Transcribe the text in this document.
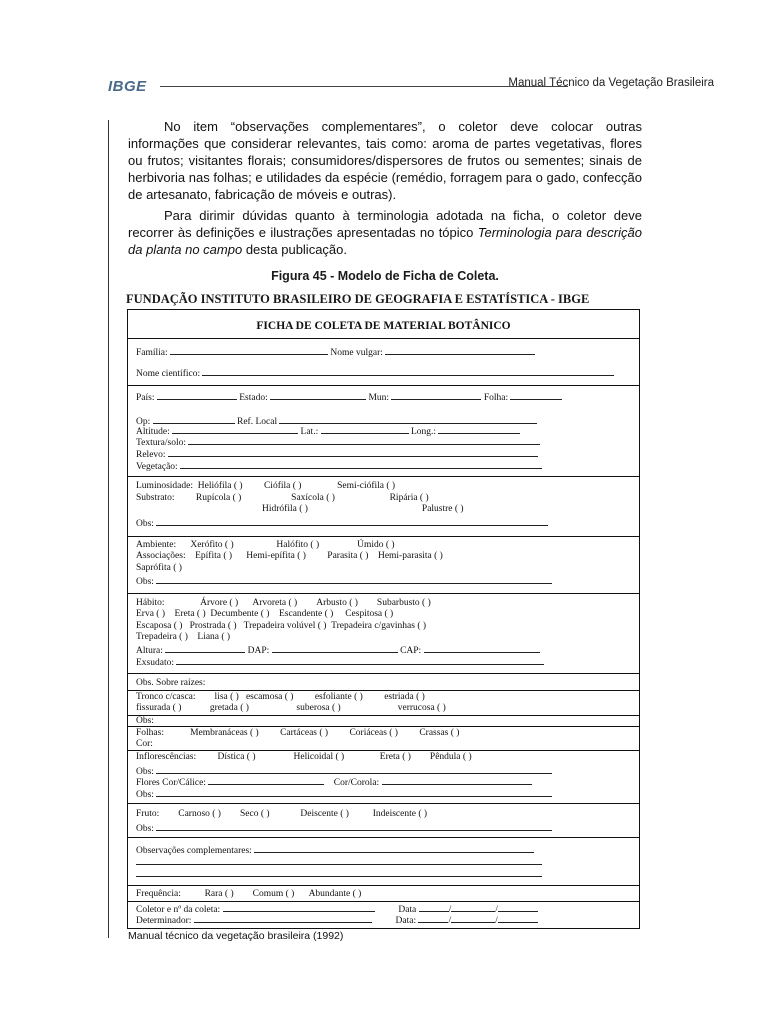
IBGE	Manual Técnico da Vegetação Brasileira
No item “observações complementares”, o coletor deve colocar outras informações que considerar relevantes, tais como: aroma de partes vegetativas, flores ou frutos; visitantes florais; consumidores/dispersores de frutos ou sementes; sinais de herbivoria nas folhas; e utilidades da espécie (remédio, forragem para o gado, confecção de artesanato, fabricação de móveis e outras).
Para dirimir dúvidas quanto à terminologia adotada na ficha, o coletor deve recorrer às definições e ilustrações apresentadas no tópico Terminologia para descrição da planta no campo desta publicação.
Figura 45 - Modelo de Ficha de Coleta.
FUNDAÇÃO INSTITUTO BRASILEIRO DE GEOGRAFIA E ESTATÍSTICA - IBGE
FICHA DE COLETA DE MATERIAL BOTÂNICO
Família:	Nome vulgar:
Nome científico:
País:	Estado:	Mun:	Folha:
Op:	Ref. Local
Altitude:	Lat.:	Long.:
Textura/solo:
Relevo:
Vegetação:
Luminosidade: Heliófila ( ) Ciófila ( )	Semi-ciófila ( )
Substrato: Rupícola ( )	Saxícola ( )	Ripária ( )
Hidrófila ( )	Palustre ( )
Obs:
Ambiente: Xerófito ( )	Halófito ( )	Úmido ( )
Associações: Epífita ( ) Hemi-epífita ( ) Parasita ( ) Hemi-parasita ( )
Saprófita ( )
Obs:
Hábito:	Árvore ( ) Arvoreta ( ) Arbusto ( ) Subarbusto ( )
Erva ( ) Ereta ( ) Decumbente ( ) Escandente ( ) Cespitosa ( )
Escaposa ( ) Prostrada ( ) Trepadeira volúvel ( ) Trepadeira c/gavinhas ( )
Trepadeira ( ) Liana ( )
Altura:	DAP:	CAP:
Exsudato:
Obs. Sobre raízes:
Tronco c/casca: lisa ( ) escamosa ( ) esfoliante ( ) estriada ( )
fissurada ( )	gretada ( )	suberosa ( )	verrucosa ( )
Obs:
Folhas:	Membranáceas ( ) Cartáceas ( ) Coriáceas ( ) Crassas ( )
Cor:
Inflorescências: Dística ( )	Helicoidal ( )	Ereta ( ) Pêndula ( )
Obs:
Flores Cor/Cálice:	Cor/Corola:
Obs:
Fruto: Carnoso ( ) Seco ( )	Deiscente ( )	Indeiscente ( )
Obs:
Observações complementares:
Frequência:	Rara ( ) Comum ( ) Abundante ( )
Coletor e nº da coleta:	Data	/	/
Determinador:	Data:	/	/
Manual técnico da vegetação brasileira (1992)
